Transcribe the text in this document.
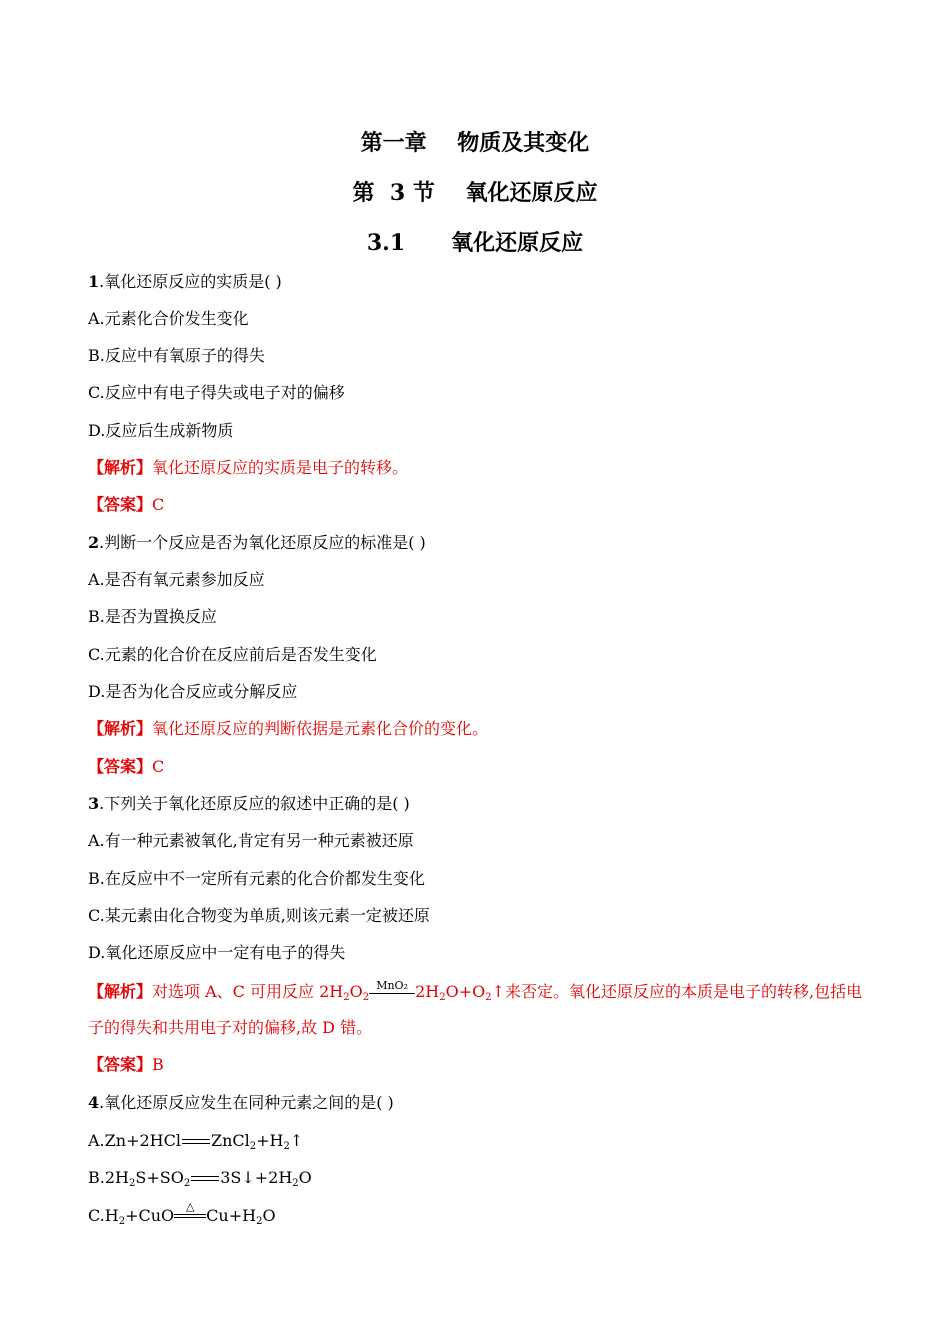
第一章    物质及其变化
第  3 节    氧化还原反应
3.1      氧化还原反应
1.氧化还原反应的实质是( )
A.元素化合价发生变化
B.反应中有氧原子的得失
C.反应中有电子得失或电子对的偏移
D.反应后生成新物质
【解析】氧化还原反应的实质是电子的转移。
【答案】C
2.判断一个反应是否为氧化还原反应的标准是( )
A.是否有氧元素参加反应
B.是否为置换反应
C.元素的化合价在反应前后是否发生变化
D.是否为化合反应或分解反应
【解析】氧化还原反应的判断依据是元素化合价的变化。
【答案】C
3.下列关于氧化还原反应的叙述中正确的是( )
A.有一种元素被氧化,肯定有另一种元素被还原
B.在反应中不一定所有元素的化合价都发生变化
C.某元素由化合物变为单质,则该元素一定被还原
D.氧化还原反应中一定有电子的得失
【解析】对选项 A、C 可用反应 $2H_2O_2$
MnO₂ $2H_2O+O_2↑$来否定。氧化还原反应的本质是电子的转移,包括电
子的得失和共用电子对的偏移,故 D 错。
【答案】B
4.氧化还原反应发生在同种元素之间的是( )
A.Zn+2HCl $ZnCl_2+H_2↑$
$B.2H_2S+SO_2$ $3S↓+2H_2O$
$C.H_2+CuO$	△ $Cu+H_2O$
